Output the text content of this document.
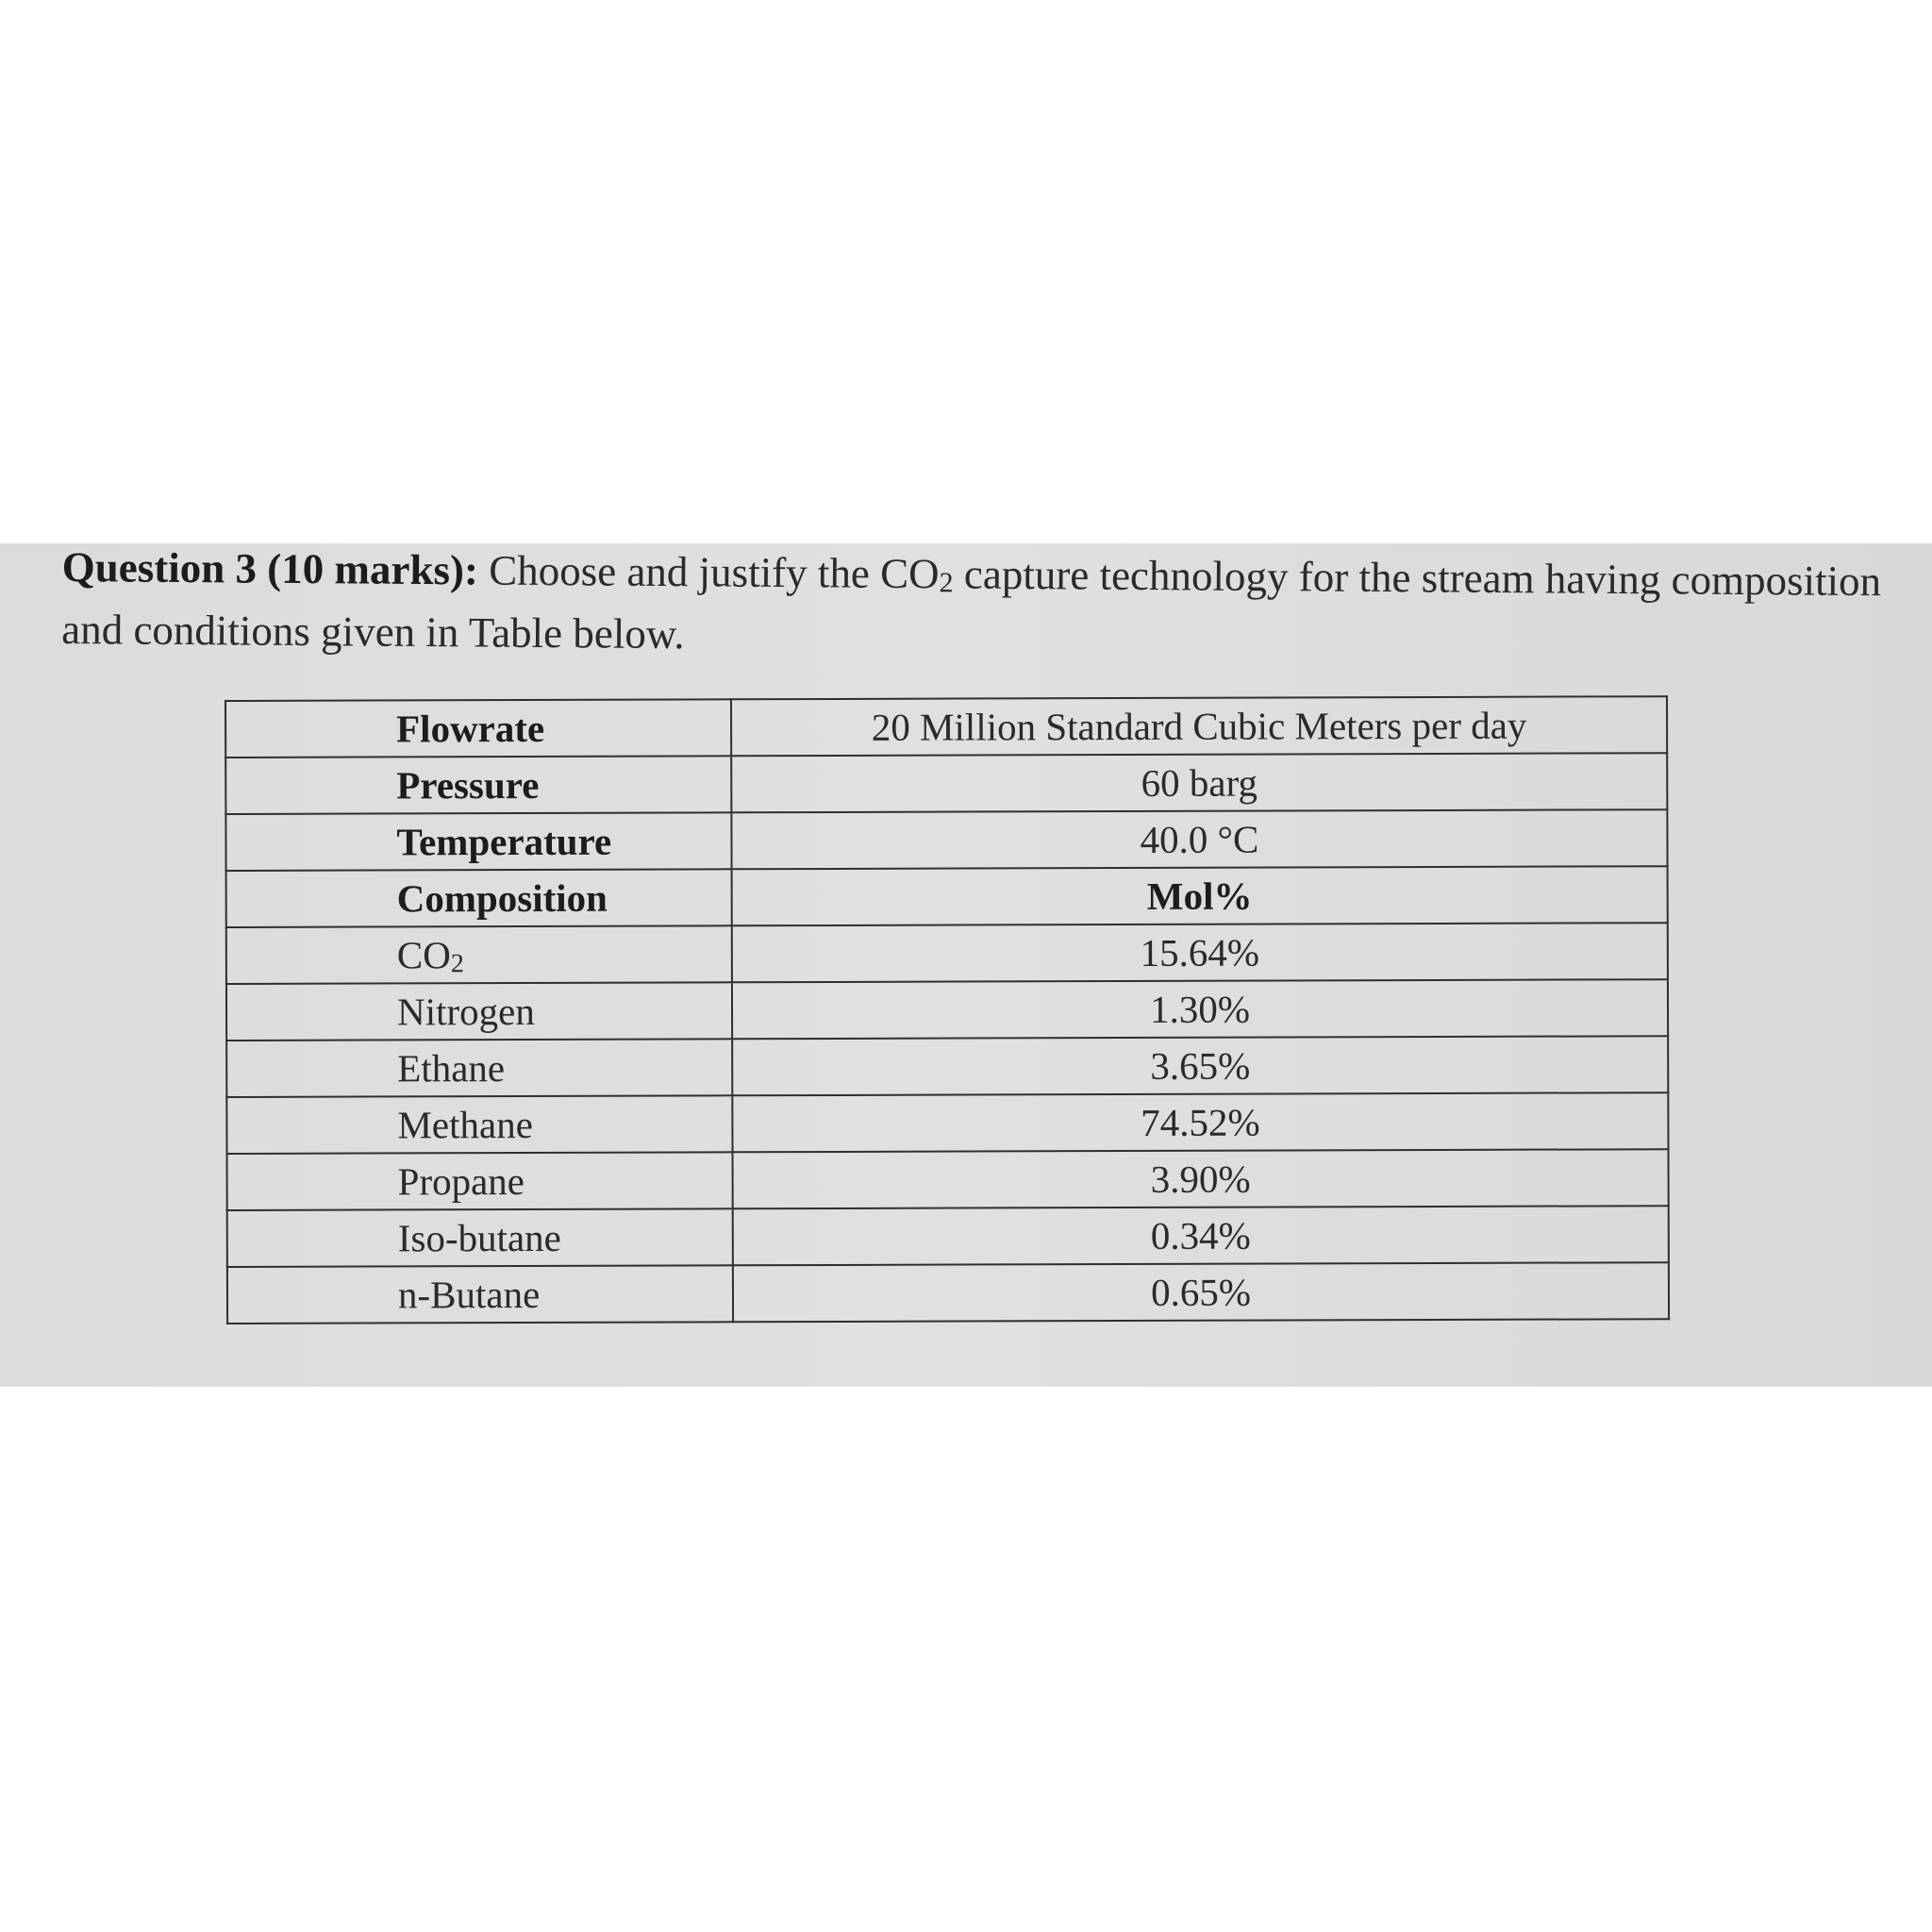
Question 3 (10 marks): Choose and justify the $CO_2$ capture technology for the stream having composition and conditions given in Table below.
Flowrate	20 Million Standard Cubic Meters per day
Pressure	60 barg
Temperature	40.0 °C
Composition	Mol%
$CO_2$	15.64%
Nitrogen	1.30%
Ethane	3.65%
Methane	74.52%
Propane	3.90%
Iso-butane	0.34%
n-Butane	0.65%
